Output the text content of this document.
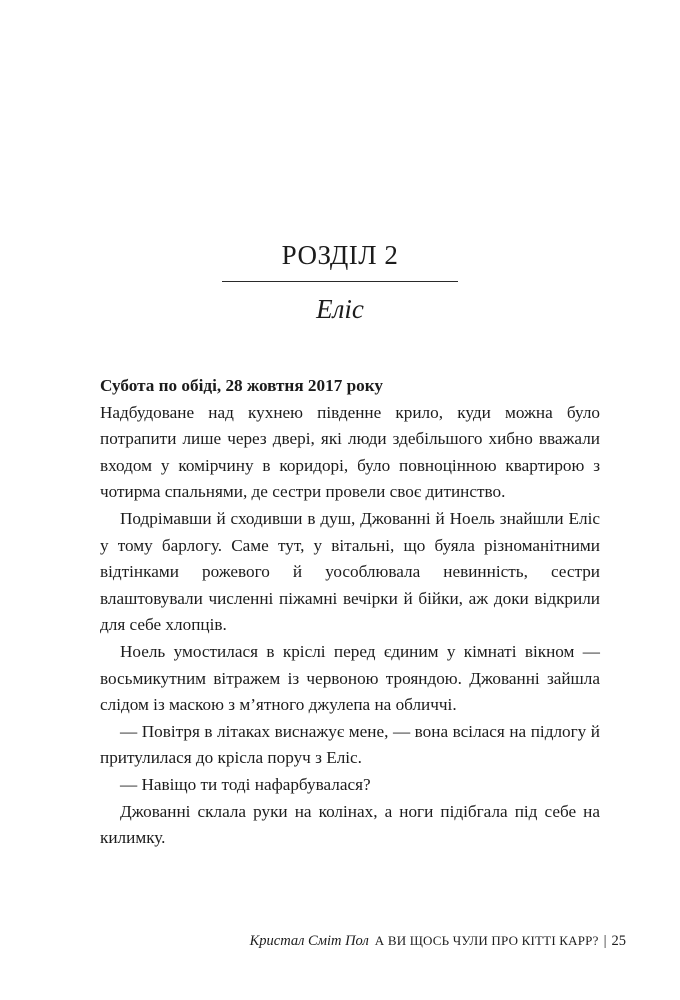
РОЗДІЛ 2
Еліс

Субота по обіді, 28 жовтня 2017 року

Надбудоване над кухнею південне крило, куди можна було потрапити лише через двері, які люди здебільшого хибно вважали входом у комірчину в коридорі, було повноцінною квартирою з чотирма спальнями, де сестри провели своє дитинство.

Подрімавши й сходивши в душ, Джованні й Ноель знайшли Еліс у тому барлогу. Саме тут, у вітальні, що буяла різноманітними відтінками рожевого й уособлювала невинність, сестри влаштовували численні піжамні вечірки й бійки, аж доки відкрили для себе хлопців.

Ноель умостилася в кріслі перед єдиним у кімнаті вікном — восьмикутним вітражем із червоною трояндою. Джованні зайшла слідом із маскою з м’ятного джулепа на обличчі.

— Повітря в літаках виснажує мене, — вона всілася на підлогу й притулилася до крісла поруч з Еліс.

— Навіщо ти тоді нафарбувалася?

Джованні склала руки на колінах, а ноги підібгала під себе на килимку.

Кристал Сміт Пол А ВИ ЩОСЬ ЧУЛИ ПРО КІТТІ КАРР? | 25
